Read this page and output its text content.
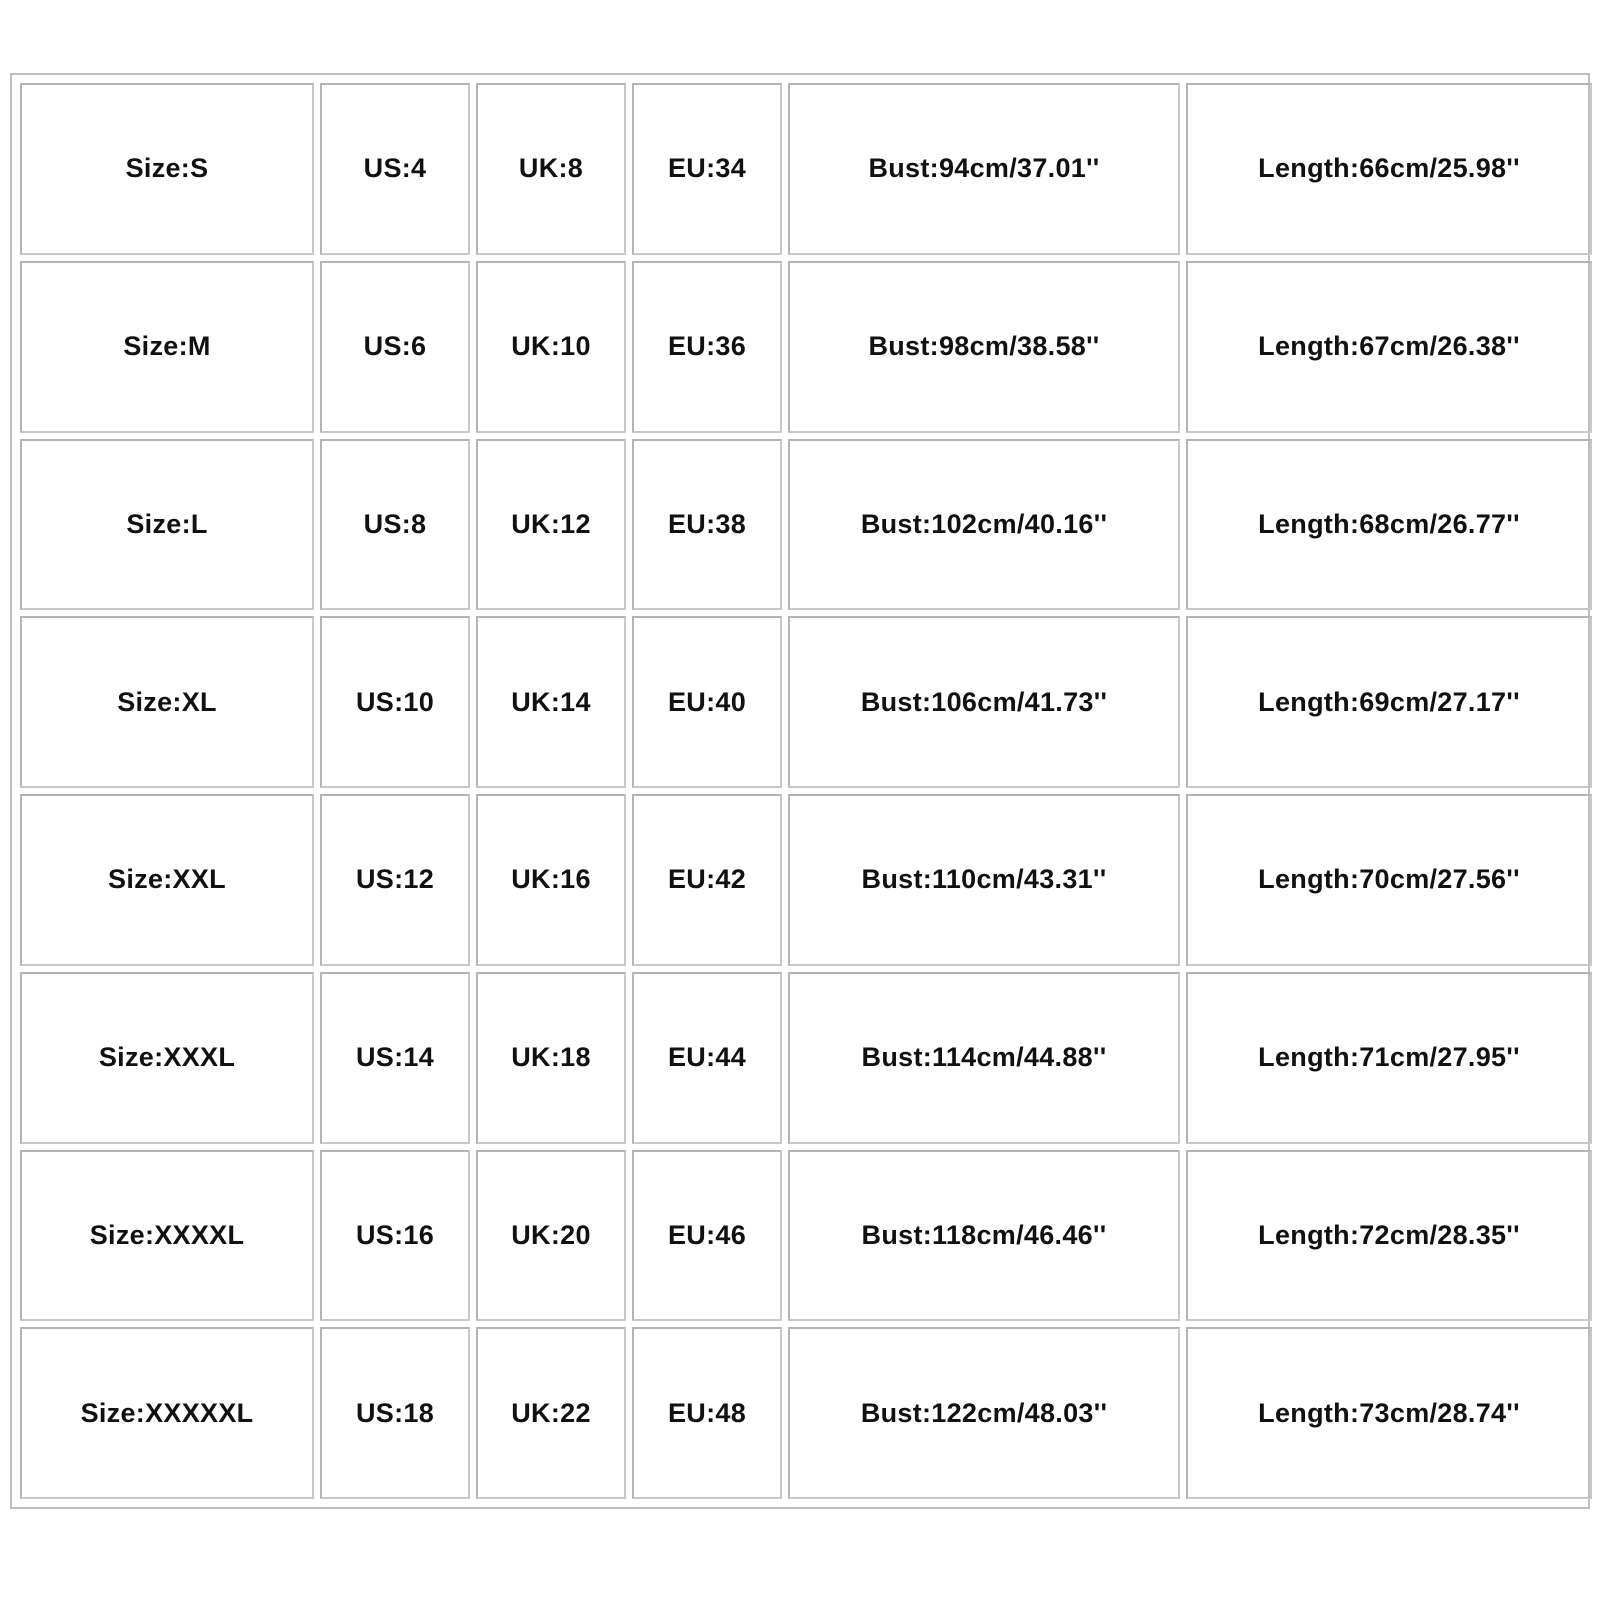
Size:S	US:4	UK:8	EU:34	Bust:94cm/37.01''	Length:66cm/25.98''
Size:M	US:6	UK:10	EU:36	Bust:98cm/38.58''	Length:67cm/26.38''
Size:L	US:8	UK:12	EU:38	Bust:102cm/40.16''	Length:68cm/26.77''
Size:XL	US:10	UK:14	EU:40	Bust:106cm/41.73''	Length:69cm/27.17''
Size:XXL	US:12	UK:16	EU:42	Bust:110cm/43.31''	Length:70cm/27.56''
Size:XXXL	US:14	UK:18	EU:44	Bust:114cm/44.88''	Length:71cm/27.95''
Size:XXXXL	US:16	UK:20	EU:46	Bust:118cm/46.46''	Length:72cm/28.35''
Size:XXXXXL	US:18	UK:22	EU:48	Bust:122cm/48.03''	Length:73cm/28.74''
